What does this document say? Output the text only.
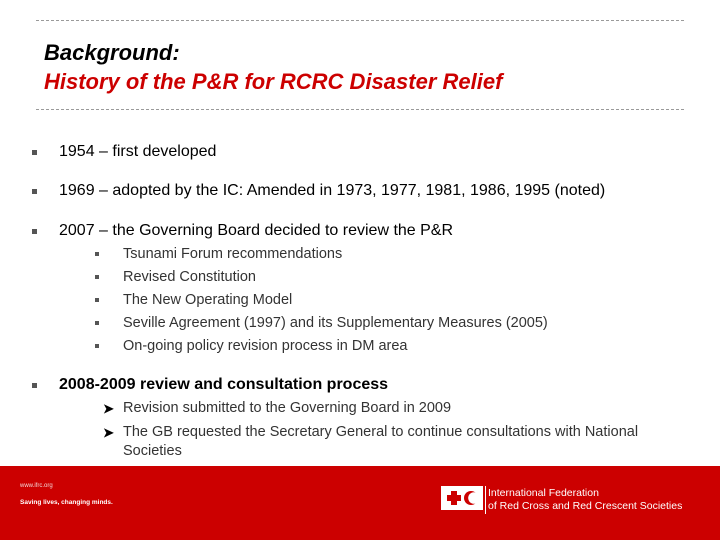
Background:
History of the P&R for RCRC Disaster Relief
1954 – first developed
1969 – adopted by the IC: Amended in 1973, 1977, 1981, 1986, 1995 (noted)
2007 – the Governing Board decided to review the P&R
Tsunami Forum recommendations
Revised Constitution
The New Operating Model
Seville Agreement (1997) and its Supplementary Measures (2005)
On-going policy revision process in DM area
2008-2009 review and consultation process
➤ Revision submitted to the Governing Board in 2009
➤ The GB requested the Secretary General to continue consultations with National Societies
www.ifrc.org
Saving lives, changing minds.
International Federation
of Red Cross and Red Crescent Societies
